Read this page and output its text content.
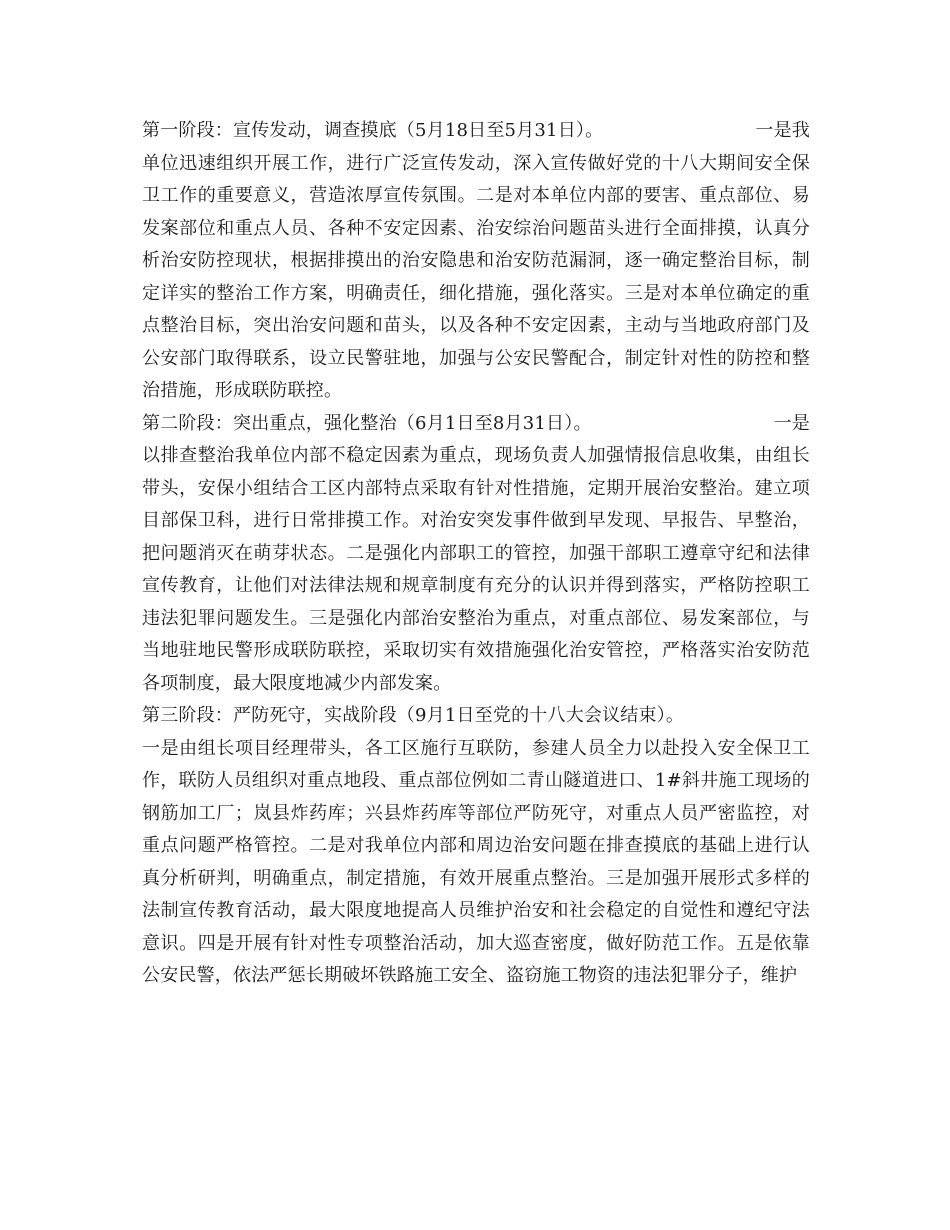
第一阶段：宣传发动，调查摸底（5月18日至5月31日）。	一是我

单位迅速组织开展工作，进行广泛宣传发动，深入宣传做好党的十八大期间安全保卫工作的重要意义，营造浓厚宣传氛围。二是对本单位内部的要害、重点部位、易发案部位和重点人员、各种不安定因素、治安综治问题苗头进行全面排摸，认真分析治安防控现状，根据排摸出的治安隐患和治安防范漏洞，逐一确定整治目标，制定详实的整治工作方案，明确责任，细化措施，强化落实。三是对本单位确定的重点整治目标，突出治安问题和苗头，以及各种不安定因素，主动与当地政府部门及公安部门取得联系，设立民警驻地，加强与公安民警配合，制定针对性的防控和整治措施，形成联防联控。

第二阶段：突出重点，强化整治（6月1日至8月31日）。	一是

以排查整治我单位内部不稳定因素为重点，现场负责人加强情报信息收集，由组长带头，安保小组结合工区内部特点采取有针对性措施，定期开展治安整治。建立项目部保卫科，进行日常排摸工作。对治安突发事件做到早发现、早报告、早整治，把问题消灭在萌芽状态。二是强化内部职工的管控，加强干部职工遵章守纪和法律宣传教育，让他们对法律法规和规章制度有充分的认识并得到落实，严格防控职工违法犯罪问题发生。三是强化内部治安整治为重点，对重点部位、易发案部位，与当地驻地民警形成联防联控，采取切实有效措施强化治安管控，严格落实治安防范各项制度，最大限度地减少内部发案。

第三阶段：严防死守，实战阶段（9月1日至党的十八大会议结束）。

一是由组长项目经理带头，各工区施行互联防，参建人员全力以赴投入安全保卫工作，联防人员组织对重点地段、重点部位例如二青山隧道进口、1#斜井施工现场的钢筋加工厂；岚县炸药库；兴县炸药库等部位严防死守，对重点人员严密监控，对重点问题严格管控。二是对我单位内部和周边治安问题在排查摸底的基础上进行认真分析研判，明确重点，制定措施，有效开展重点整治。三是加强开展形式多样的法制宣传教育活动，最大限度地提高人员维护治安和社会稳定的自觉性和遵纪守法意识。四是开展有针对性专项整治活动，加大巡查密度，做好防范工作。五是依靠公安民警，依法严惩长期破坏铁路施工安全、盗窃施工物资的违法犯罪分子，维护
